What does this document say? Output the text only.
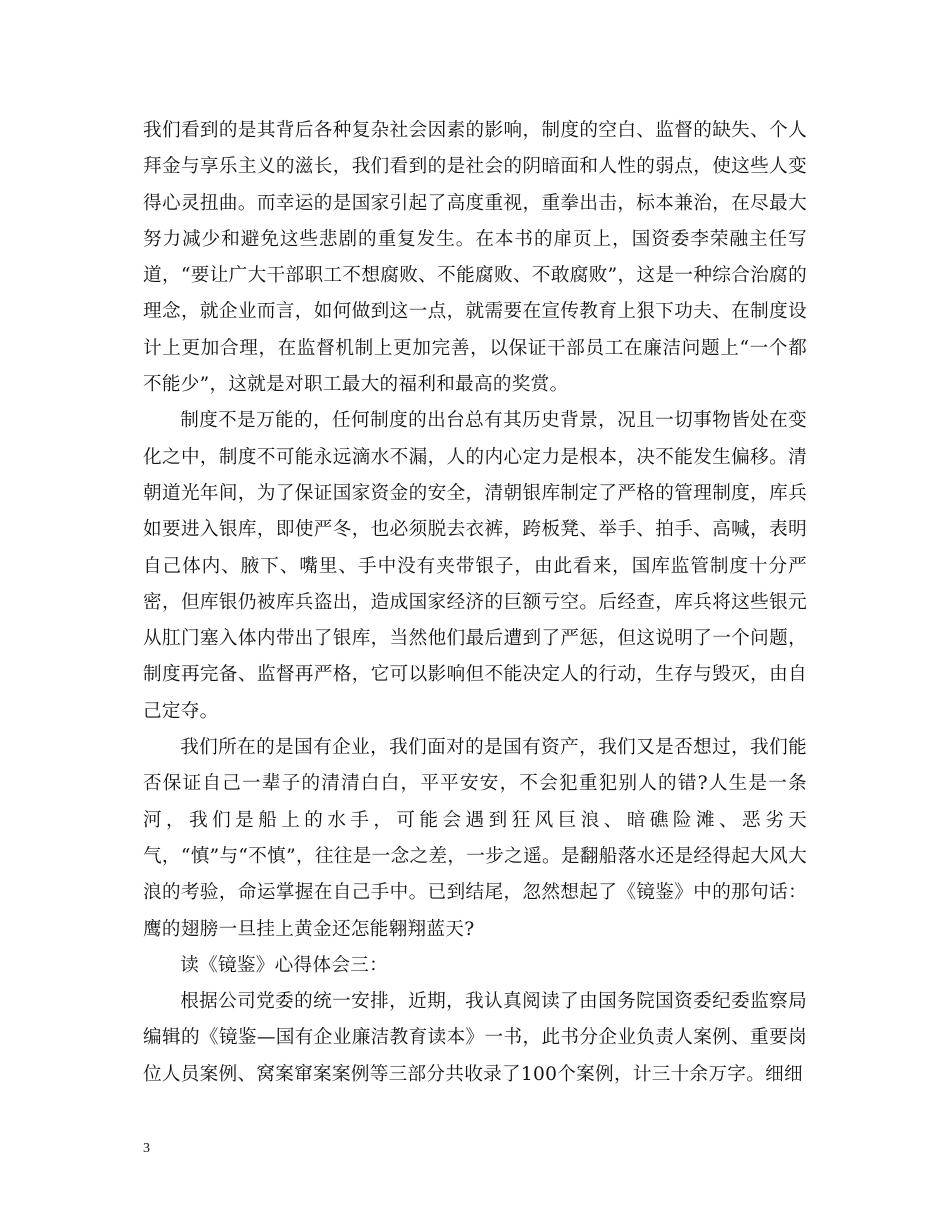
我们看到的是其背后各种复杂社会因素的影响，制度的空白、监督的缺失、个人拜金与享乐主义的滋长，我们看到的是社会的阴暗面和人性的弱点，使这些人变得心灵扭曲。而幸运的是国家引起了高度重视，重拳出击，标本兼治，在尽最大努力减少和避免这些悲剧的重复发生。在本书的扉页上，国资委李荣融主任写道，“要让广大干部职工不想腐败、不能腐败、不敢腐败”，这是一种综合治腐的理念，就企业而言，如何做到这一点，就需要在宣传教育上狠下功夫、在制度设计上更加合理，在监督机制上更加完善，以保证干部员工在廉洁问题上“一个都不能少”，这就是对职工最大的福利和最高的奖赏。

制度不是万能的，任何制度的出台总有其历史背景，况且一切事物皆处在变化之中，制度不可能永远滴水不漏，人的内心定力是根本，决不能发生偏移。清朝道光年间，为了保证国家资金的安全，清朝银库制定了严格的管理制度，库兵如要进入银库，即使严冬，也必须脱去衣裤，跨板凳、举手、拍手、高喊，表明自己体内、腋下、嘴里、手中没有夹带银子，由此看来，国库监管制度十分严密，但库银仍被库兵盗出，造成国家经济的巨额亏空。后经查，库兵将这些银元从肛门塞入体内带出了银库，当然他们最后遭到了严惩，但这说明了一个问题，制度再完备、监督再严格，它可以影响但不能决定人的行动，生存与毁灭，由自己定夺。

我们所在的是国有企业，我们面对的是国有资产，我们又是否想过，我们能否保证自己一辈子的清清白白，平平安安，不会犯重犯别人的错?人生是一条河，我们是船上的水手，可能会遇到狂风巨浪、暗礁险滩、恶劣天气，“慎”与“不慎”，往往是一念之差，一步之遥。是翻船落水还是经得起大风大浪的考验，命运掌握在自己手中。已到结尾，忽然想起了《镜鉴》中的那句话：鹰的翅膀一旦挂上黄金还怎能翱翔蓝天?

读《镜鉴》心得体会三：

根据公司党委的统一安排，近期，我认真阅读了由国务院国资委纪委监察局编辑的《镜鉴—国有企业廉洁教育读本》一书，此书分企业负责人案例、重要岗位人员案例、窝案窜案案例等三部分共收录了100个案例，计三十余万字。细细

3
